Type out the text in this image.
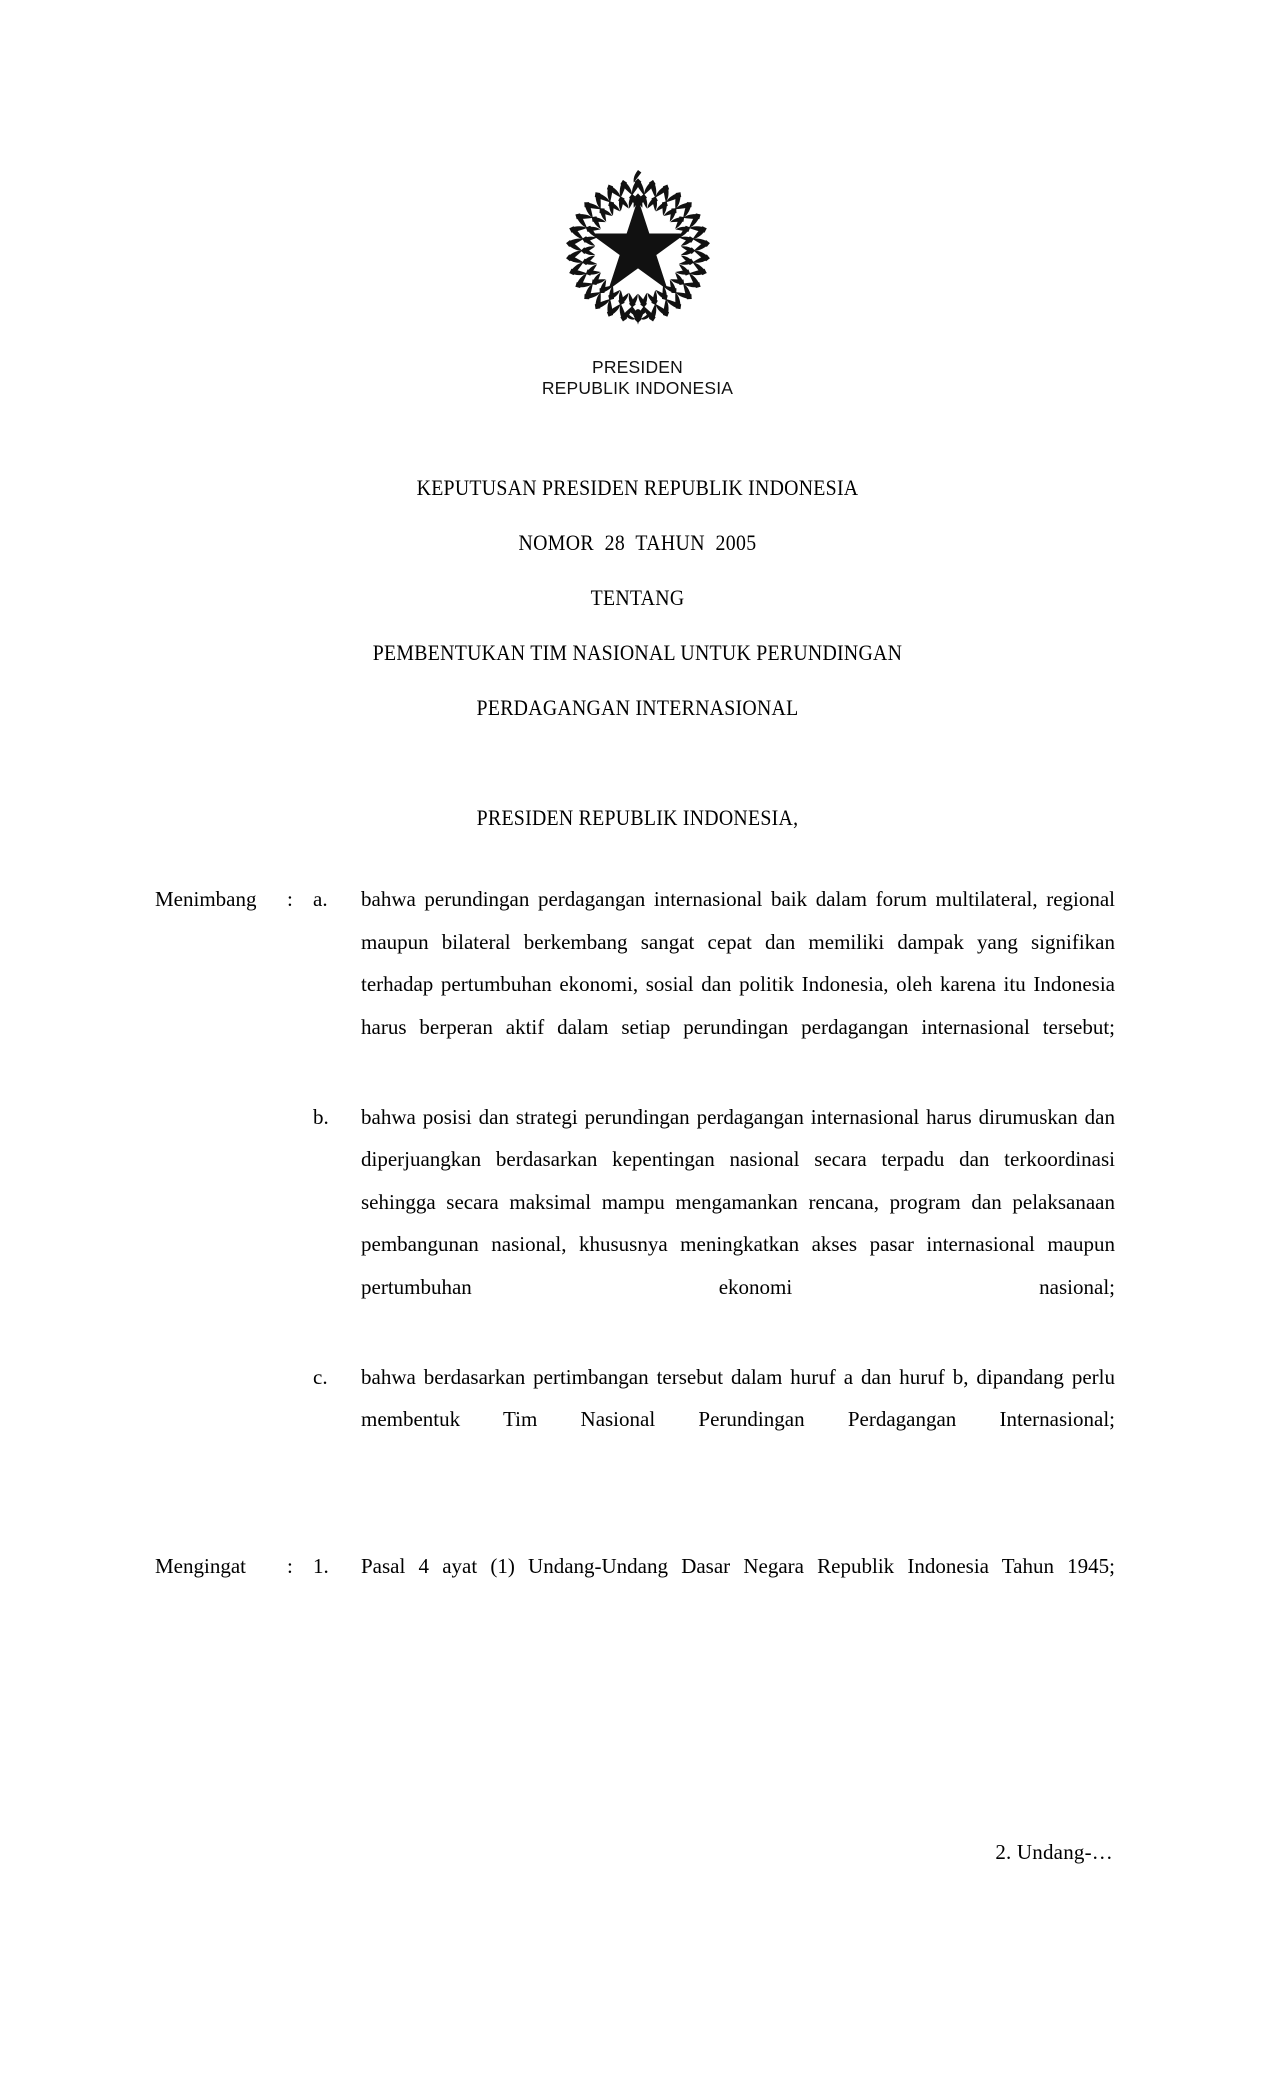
PRESIDEN
REPUBLIK INDONESIA
KEPUTUSAN PRESIDEN REPUBLIK INDONESIA
NOMOR  28  TAHUN  2005
TENTANG
PEMBENTUKAN TIM NASIONAL UNTUK PERUNDINGAN
PERDAGANGAN INTERNASIONAL
PRESIDEN REPUBLIK INDONESIA,
Menimbang	: a.	bahwa perundingan perdagangan internasional baik dalam forum multilateral, regional maupun bilateral berkembang sangat cepat dan memiliki dampak yang signifikan terhadap pertumbuhan ekonomi, sosial dan politik Indonesia, oleh karena itu Indonesia harus berperan aktif dalam setiap perundingan perdagangan internasional tersebut;
b.	bahwa posisi dan strategi perundingan perdagangan internasional harus dirumuskan dan diperjuangkan berdasarkan kepentingan nasional secara terpadu dan terkoordinasi sehingga secara maksimal mampu mengamankan rencana, program dan pelaksanaan pembangunan nasional, khususnya meningkatkan akses pasar internasional maupun pertumbuhan ekonomi nasional;
c.	bahwa berdasarkan pertimbangan tersebut dalam huruf a dan huruf b, dipandang perlu membentuk Tim Nasional Perundingan Perdagangan Internasional;
Mengingat	: 1.	Pasal 4 ayat (1) Undang-Undang Dasar Negara Republik Indonesia Tahun 1945;
2. Undang-…
